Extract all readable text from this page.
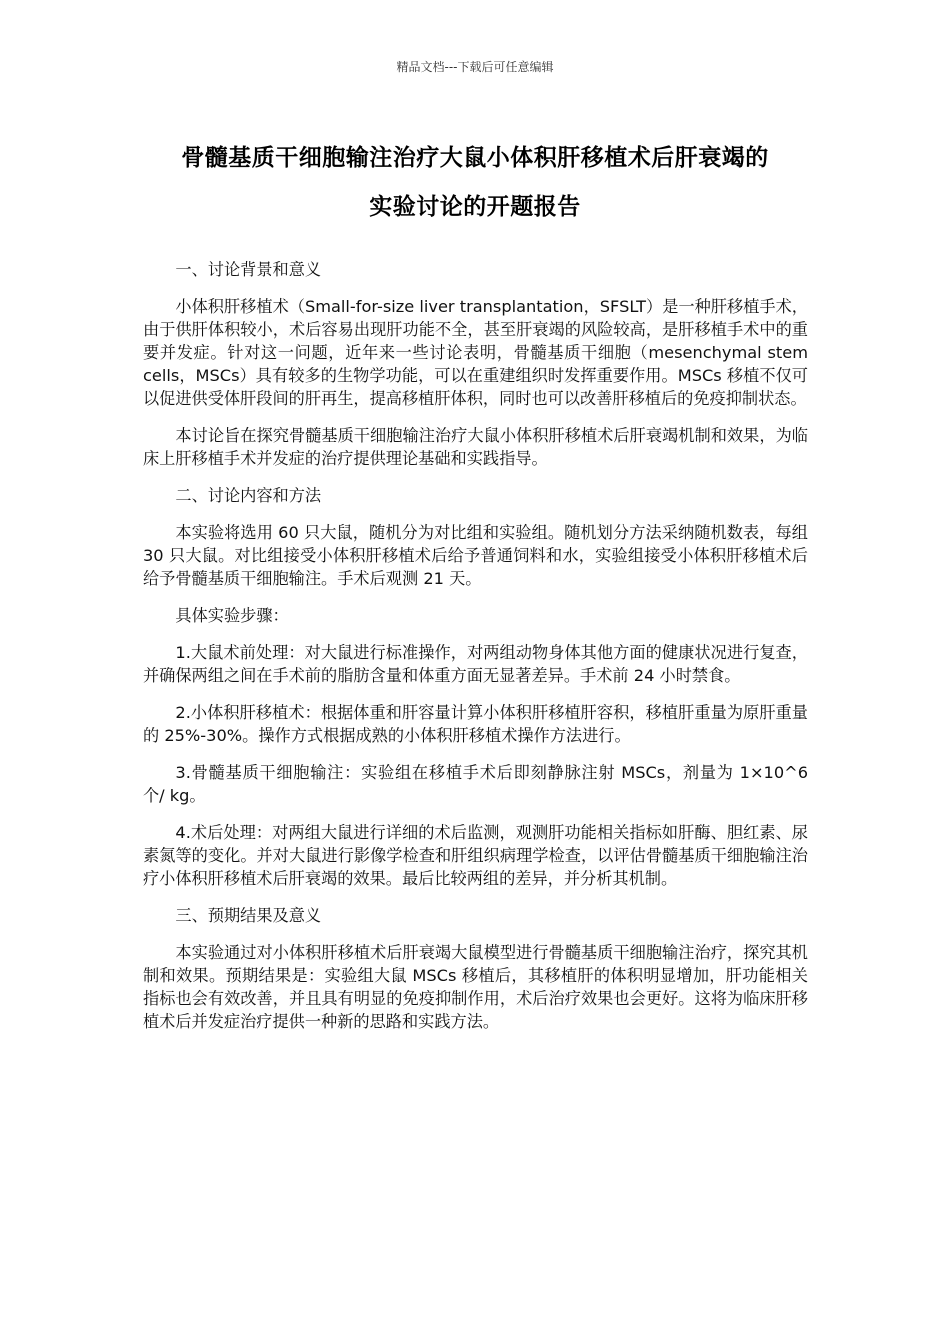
精品文档---下载后可任意编辑
骨髓基质干细胞输注治疗大鼠小体积肝移植术后肝衰竭的
实验讨论的开题报告

一、讨论背景和意义

小体积肝移植术（Small-for-size liver transplantation，SFSLT）是一种肝移植手术，由于供肝体积较小，术后容易出现肝功能不全，甚至肝衰竭的风险较高，是肝移植手术中的重要并发症。针对这一问题，近年来一些讨论表明，骨髓基质干细胞（mesenchymal stem cells，MSCs）具有较多的生物学功能，可以在重建组织时发挥重要作用。MSCs 移植不仅可以促进供受体肝段间的肝再生，提高移植肝体积，同时也可以改善肝移植后的免疫抑制状态。

本讨论旨在探究骨髓基质干细胞输注治疗大鼠小体积肝移植术后肝衰竭机制和效果，为临床上肝移植手术并发症的治疗提供理论基础和实践指导。

二、讨论内容和方法

本实验将选用 60 只大鼠，随机分为对比组和实验组。随机划分方法采纳随机数表，每组 30 只大鼠。对比组接受小体积肝移植术后给予普通饲料和水，实验组接受小体积肝移植术后给予骨髓基质干细胞输注。手术后观测 21 天。

具体实验步骤：

1.大鼠术前处理：对大鼠进行标准操作，对两组动物身体其他方面的健康状况进行复查，并确保两组之间在手术前的脂肪含量和体重方面无显著差异。手术前 24 小时禁食。

2.小体积肝移植术：根据体重和肝容量计算小体积肝移植肝容积，移植肝重量为原肝重量的 25%-30%。操作方式根据成熟的小体积肝移植术操作方法进行。

3.骨髓基质干细胞输注：实验组在移植手术后即刻静脉注射 MSCs，剂量为 1×10^6 个/ kg。

4.术后处理：对两组大鼠进行详细的术后监测，观测肝功能相关指标如肝酶、胆红素、尿素氮等的变化。并对大鼠进行影像学检查和肝组织病理学检查，以评估骨髓基质干细胞输注治疗小体积肝移植术后肝衰竭的效果。最后比较两组的差异，并分析其机制。

三、预期结果及意义

本实验通过对小体积肝移植术后肝衰竭大鼠模型进行骨髓基质干细胞输注治疗，探究其机制和效果。预期结果是：实验组大鼠 MSCs 移植后，其移植肝的体积明显增加，肝功能相关指标也会有效改善，并且具有明显的免疫抑制作用，术后治疗效果也会更好。这将为临床肝移植术后并发症治疗提供一种新的思路和实践方法。
